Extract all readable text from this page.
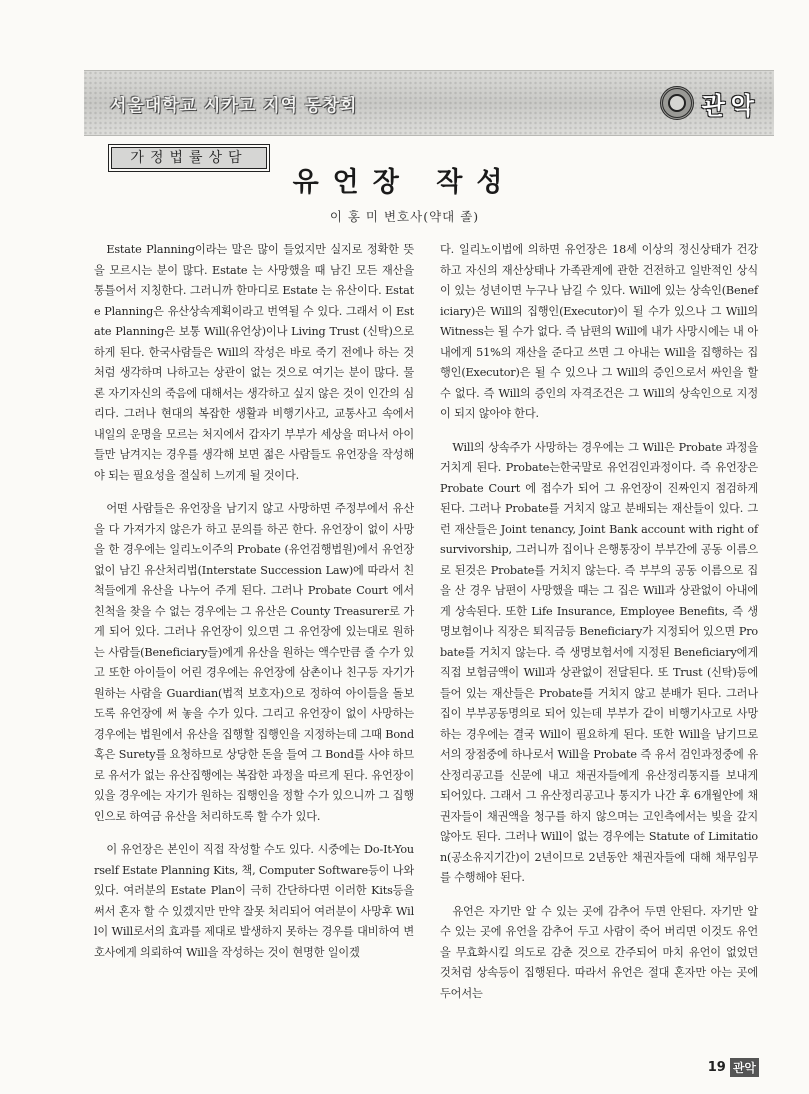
서울대학교 시카고 지역 동창회	관악
가정법률상담
유언장 작성

이 홍 미 변호사(약대 졸)

Estate Planning이라는 말은 많이 들었지만 실지로 정확한 뜻을 모르시는 분이 많다. Estate 는 사망했을 때 남긴 모든 재산을 통틀어서 지칭한다. 그러니까 한마디로 Estate 는 유산이다. Estate Planning은 유산상속계획이라고 번역될 수 있다. 그래서 이 Estate Planning은 보통 Will(유언상)이나 Living Trust (신탁)으로 하게 된다. 한국사람들은 Will의 작성은 바로 죽기 전에나 하는 것처럼 생각하며 나하고는 상관이 없는 것으로 여기는 분이 많다. 물론 자기자신의 죽음에 대해서는 생각하고 싶지 않은 것이 인간의 심리다. 그러나 현대의 복잡한 생활과 비행기사고, 교통사고 속에서 내일의 운명을 모르는 처지에서 갑자기 부부가 세상을 떠나서 아이들만 남겨지는 경우를 생각해 보면 젊은 사람들도 유언장을 작성해야 되는 필요성을 절실히 느끼게 될 것이다.

어떤 사람들은 유언장을 남기지 않고 사망하면 주정부에서 유산을 다 가져가지 않은가 하고 문의를 하곤 한다. 유언장이 없이 사망을 한 경우에는 일리노이주의 Probate (유언검행법원)에서 유언장 없이 남긴 유산처리법(Interstate Succession Law)에 따라서 친척들에게 유산을 나누어 주게 된다. 그러나 Probate Court 에서 친척을 찾을 수 없는 경우에는 그 유산은 County Treasurer로 가게 되어 있다. 그러나 유언장이 있으면 그 유언장에 있는대로 원하는 사람들(Beneficiary들)에게 유산을 원하는 액수만큼 줄 수가 있고 또한 아이들이 어린 경우에는 유언장에 삼촌이나 친구등 자기가 원하는 사람을 Guardian(법적 보호자)으로 정하여 아이들을 돌보도록 유언장에 써 놓을 수가 있다. 그리고 유언장이 없이 사망하는 경우에는 법원에서 유산을 집행할 집행인을 지정하는데 그때 Bond 혹은 Surety를 요청하므로 상당한 돈을 들여 그 Bond를 사야 하므로 유서가 없는 유산집행에는 복잡한 과정을 따르게 된다. 유언장이 있을 경우에는 자기가 원하는 집행인을 정할 수가 있으니까 그 집행인으로 하여금 유산을 처리하도록 할 수가 있다.

이 유언장은 본인이 직접 작성할 수도 있다. 시중에는 Do-It-Yourself Estate Planning Kits, 책, Computer Software등이 나와 있다. 여러분의 Estate Plan이 극히 간단하다면 이러한 Kits등을 써서 혼자 할 수 있겠지만 만약 잘못 처리되어 여러분이 사망후 Will이 Will로서의 효과를 제대로 발생하지 못하는 경우를 대비하여 변호사에게 의뢰하여 Will을 작성하는 것이 현명한 일이겠

다. 일리노이법에 의하면 유언장은 18세 이상의 정신상태가 건강하고 자신의 재산상태나 가족관계에 관한 건전하고 일반적인 상식이 있는 성년이면 누구나 남길 수 있다. Will에 있는 상속인(Beneficiary)은 Will의 집행인(Executor)이 될 수가 있으나 그 Will의 Witness는 될 수가 없다. 즉 남편의 Will에 내가 사망시에는 내 아내에게 51%의 재산을 준다고 쓰면 그 아내는 Will을 집행하는 집행인(Executor)은 될 수 있으나 그 Will의 증인으로서 싸인을 할 수 없다. 즉 Will의 증인의 자격조건은 그 Will의 상속인으로 지정이 되지 않아야 한다.

Will의 상속주가 사망하는 경우에는 그 Will은 Probate 과정을 거치게 된다. Probate는한국말로 유언검인과정이다. 즉 유언장은 Probate Court 에 접수가 되어 그 유언장이 진짜인지 점검하게 된다. 그러나 Probate를 거치지 않고 분배되는 재산들이 있다. 그런 재산들은 Joint tenancy, Joint Bank account with right of survivorship, 그러니까 집이나 은행통장이 부부간에 공동 이름으로 된것은 Probate를 거치지 않는다. 즉 부부의 공동 이름으로 집을 산 경우 남편이 사망했을 때는 그 집은 Will과 상관없이 아내에게 상속된다. 또한 Life Insurance, Employee Benefits, 즉 생명보험이나 직장은 퇴직금등 Beneficiary가 지정되어 있으면 Probate를 거치지 않는다. 즉 생명보험서에 지정된 Beneficiary에게 직접 보험금액이 Will과 상관없이 전달된다. 또 Trust (신탁)등에 들어 있는 재산들은 Probate를 거치지 않고 분배가 된다. 그러나 집이 부부공동명의로 되어 있는데 부부가 같이 비행기사고로 사망하는 경우에는 결국 Will이 필요하게 된다. 또한 Will을 남기므로서의 장점중에 하나로서 Will을 Probate 즉 유서 검인과정중에 유산정리공고를 신문에 내고 채권자들에게 유산정리통지를 보내게 되어있다. 그래서 그 유산정리공고나 통지가 나간 후 6개월안에 채권자들이 채권액을 청구를 하지 않으며는 고인측에서는 빚을 갚지 않아도 된다. 그러나 Will이 없는 경우에는 Statute of Limitation(공소유지기간)이 2년이므로 2년동안 채권자들에 대해 채무임무를 수행해야 된다.

유언은 자기만 알 수 있는 곳에 감추어 두면 안된다. 자기만 알 수 있는 곳에 유언을 감추어 두고 사람이 죽어 버리면 이것도 유언을 무효화시킬 의도로 감춘 것으로 간주되어 마치 유언이 없었던 것처럼 상속등이 집행된다. 따라서 유언은 절대 혼자만 아는 곳에 두어서는

19 관악
